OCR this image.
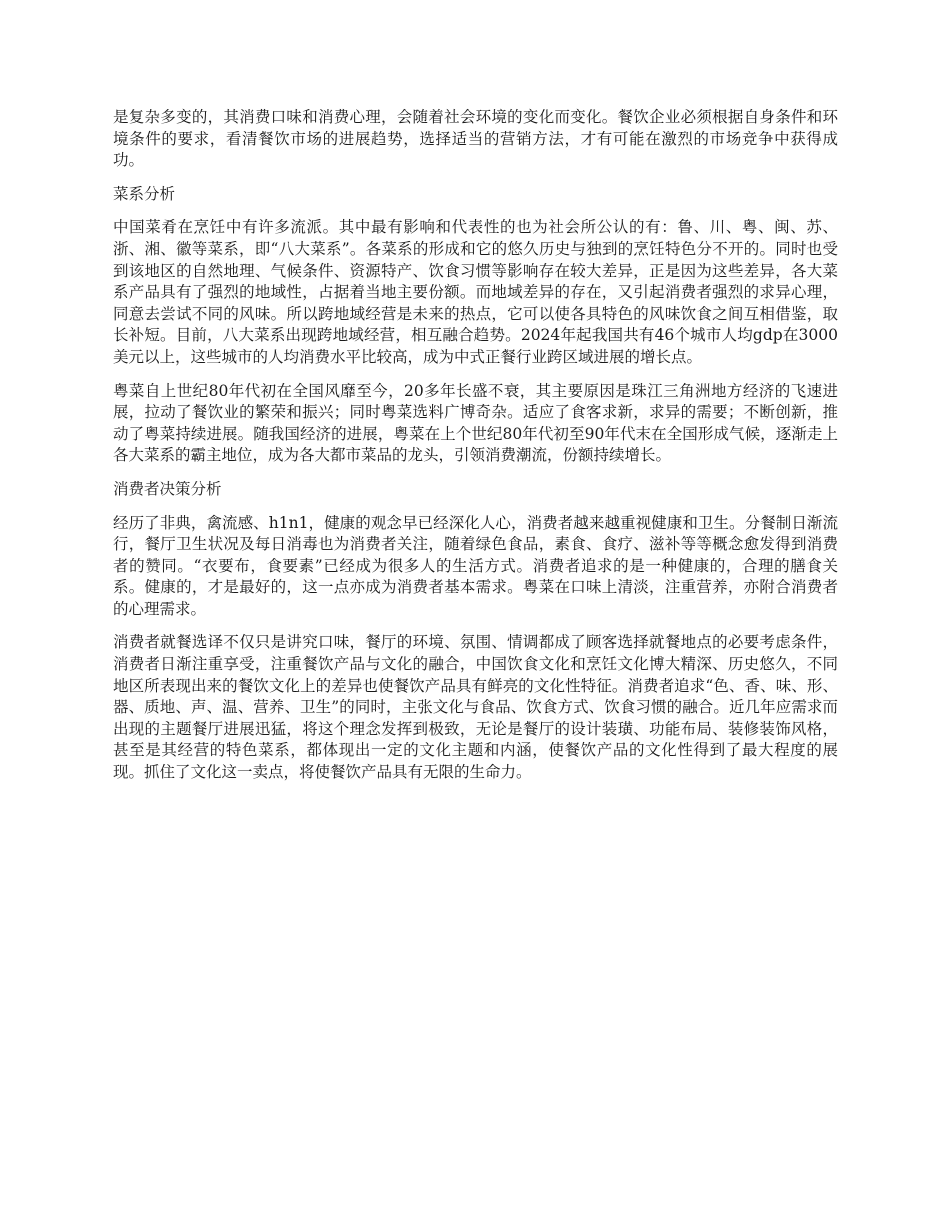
是复杂多变的，其消费口味和消费心理，会随着社会环境的变化而变化。餐饮企业必须根据自身条件和环境条件的要求，看清餐饮市场的进展趋势，选择适当的营销方法，才有可能在激烈的市场竞争中获得成功。

菜系分析

中国菜肴在烹饪中有许多流派。其中最有影响和代表性的也为社会所公认的有：鲁、川、粤、闽、苏、浙、湘、徽等菜系，即“八大菜系”。各菜系的形成和它的悠久历史与独到的烹饪特色分不开的。同时也受到该地区的自然地理、气候条件、资源特产、饮食习惯等影响存在较大差异，正是因为这些差异，各大菜系产品具有了强烈的地域性，占据着当地主要份额。而地域差异的存在，又引起消费者强烈的求异心理，同意去尝试不同的风味。所以跨地域经营是未来的热点，它可以使各具特色的风味饮食之间互相借鉴，取长补短。目前，八大菜系出现跨地域经营，相互融合趋势。2024年起我国共有46个城市人均gdp在3000美元以上，这些城市的人均消费水平比较高，成为中式正餐行业跨区域进展的增长点。

粤菜自上世纪80年代初在全国风靡至今，20多年长盛不衰，其主要原因是珠江三角洲地方经济的飞速进展，拉动了餐饮业的繁荣和振兴；同时粤菜选料广博奇杂。适应了食客求新，求异的需要；不断创新，推动了粤菜持续进展。随我国经济的进展，粤菜在上个世纪80年代初至90年代末在全国形成气候，逐渐走上各大菜系的霸主地位，成为各大都市菜品的龙头，引领消费潮流，份额持续增长。

消费者决策分析

经历了非典，禽流感、h1n1，健康的观念早已经深化人心，消费者越来越重视健康和卫生。分餐制日渐流行，餐厅卫生状况及每日消毒也为消费者关注，随着绿色食品，素食、食疗、滋补等等概念愈发得到消费者的赞同。“衣要布，食要素”已经成为很多人的生活方式。消费者追求的是一种健康的，合理的膳食关系。健康的，才是最好的，这一点亦成为消费者基本需求。粤菜在口味上清淡，注重营养，亦附合消费者的心理需求。

消费者就餐选译不仅只是讲究口味，餐厅的环境、氛围、情调都成了顾客选择就餐地点的必要考虑条件，消费者日渐注重享受，注重餐饮产品与文化的融合，中国饮食文化和烹饪文化博大精深、历史悠久，不同地区所表现出来的餐饮文化上的差异也使餐饮产品具有鲜亮的文化性特征。消费者追求“色、香、味、形、器、质地、声、温、营养、卫生”的同时，主张文化与食品、饮食方式、饮食习惯的融合。近几年应需求而出现的主题餐厅进展迅猛，将这个理念发挥到极致，无论是餐厅的设计装璜、功能布局、装修装饰风格，甚至是其经营的特色菜系，都体现出一定的文化主题和内涵，使餐饮产品的文化性得到了最大程度的展现。抓住了文化这一卖点，将使餐饮产品具有无限的生命力。
